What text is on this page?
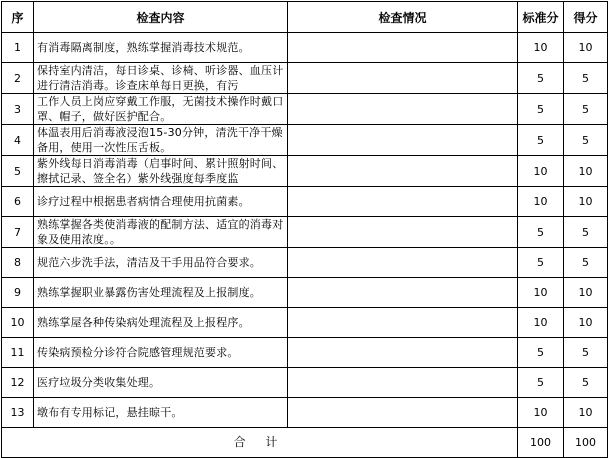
序	检查内容	检查情况	标准分	得分
1	有消毒隔离制度，熟练掌握消毒技术规范。		10	10
2	保持室内清洁，每日诊桌、诊椅、听诊器、血压计进行清洁消毒。诊查床单每日更换，有污		5	5
3	工作人员上岗应穿戴工作服，无菌技术操作时戴口罩、帽子，做好医护配合。		5	5
4	体温表用后消毒液浸泡15-30分钟，清洗干净干燥备用，使用一次性压舌板。		5	5
5	紫外线每日消毒消毒（启事时间、累计照射时间、擦拭记录、签全名）紫外线强度每季度监		10	10
6	诊疗过程中根据患者病情合理使用抗菌素。		10	10
7	熟练掌握各类使消毒液的配制方法、适宜的消毒对象及使用浓度。。		5	5
8	规范六步洗手法，清洁及干手用品符合要求。		5	5
9	熟练掌握职业暴露伤害处理流程及上报制度。		10	10
10	熟练掌屋各种传染病处理流程及上报程序。		10	10
11	传染病预检分诊符合院感管理规范要求。		5	5
12	医疗垃圾分类收集处理。		5	5
13	墩布有专用标记，悬挂晾干。		10	10
合 计			100	100
